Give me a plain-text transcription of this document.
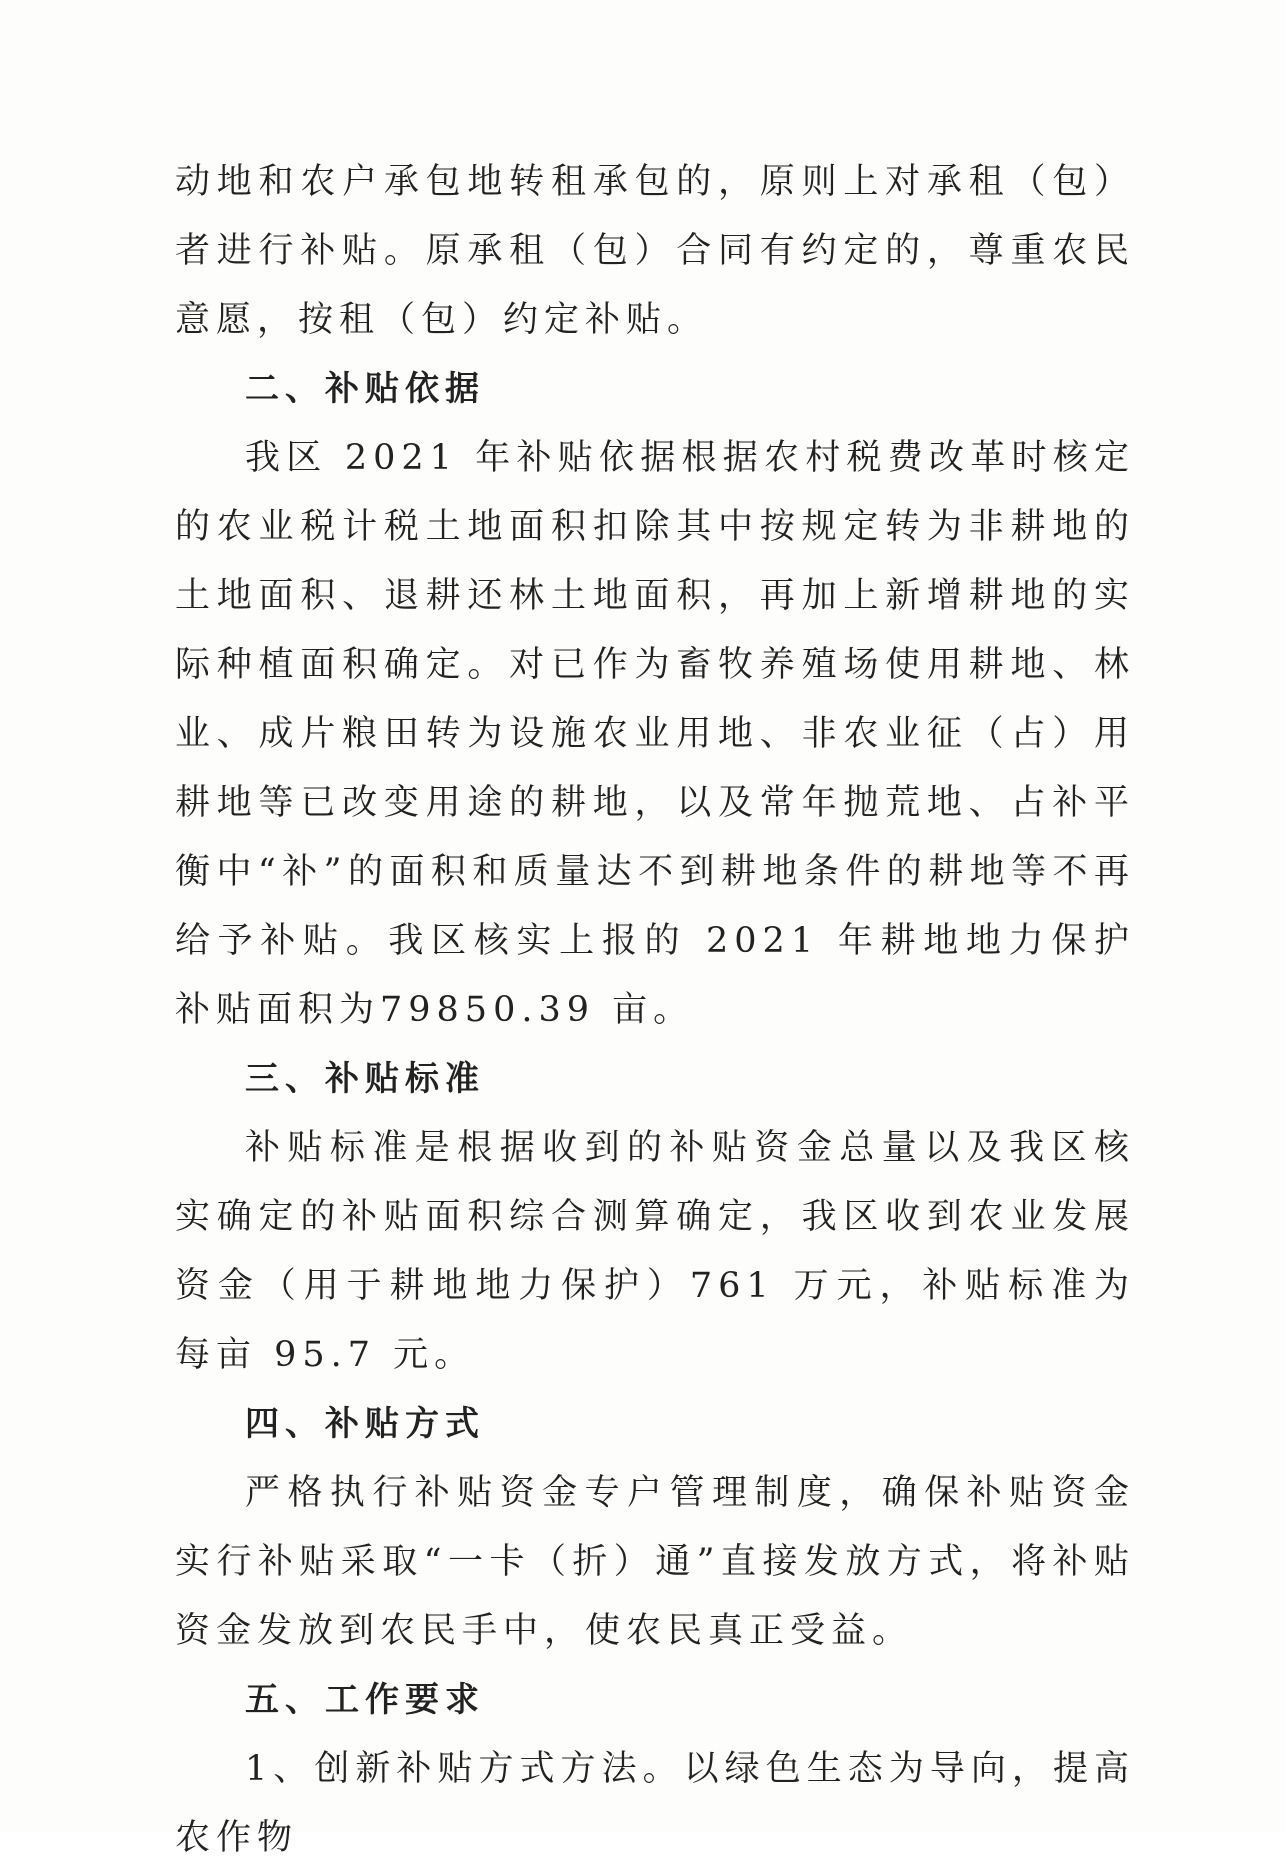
动地和农户承包地转租承包的，原则上对承租（包）者进行补贴。原承租（包）合同有约定的，尊重农民意愿，按租（包）约定补贴。

二、补贴依据

我区 2021 年补贴依据根据农村税费改革时核定的农业税计税土地面积扣除其中按规定转为非耕地的土地面积、退耕还林土地面积，再加上新增耕地的实际种植面积确定。对已作为畜牧养殖场使用耕地、林业、成片粮田转为设施农业用地、非农业征（占）用耕地等已改变用途的耕地，以及常年抛荒地、占补平衡中“补”的面积和质量达不到耕地条件的耕地等不再给予补贴。我区核实上报的 2021 年耕地地力保护补贴面积为79850.39 亩。

三、补贴标准

补贴标准是根据收到的补贴资金总量以及我区核实确定的补贴面积综合测算确定，我区收到农业发展资金（用于耕地地力保护）761 万元，补贴标准为每亩 95.7 元。

四、补贴方式

严格执行补贴资金专户管理制度，确保补贴资金实行补贴采取“一卡（折）通”直接发放方式，将补贴资金发放到农民手中，使农民真正受益。

五、工作要求

1、创新补贴方式方法。以绿色生态为导向，提高农作物
